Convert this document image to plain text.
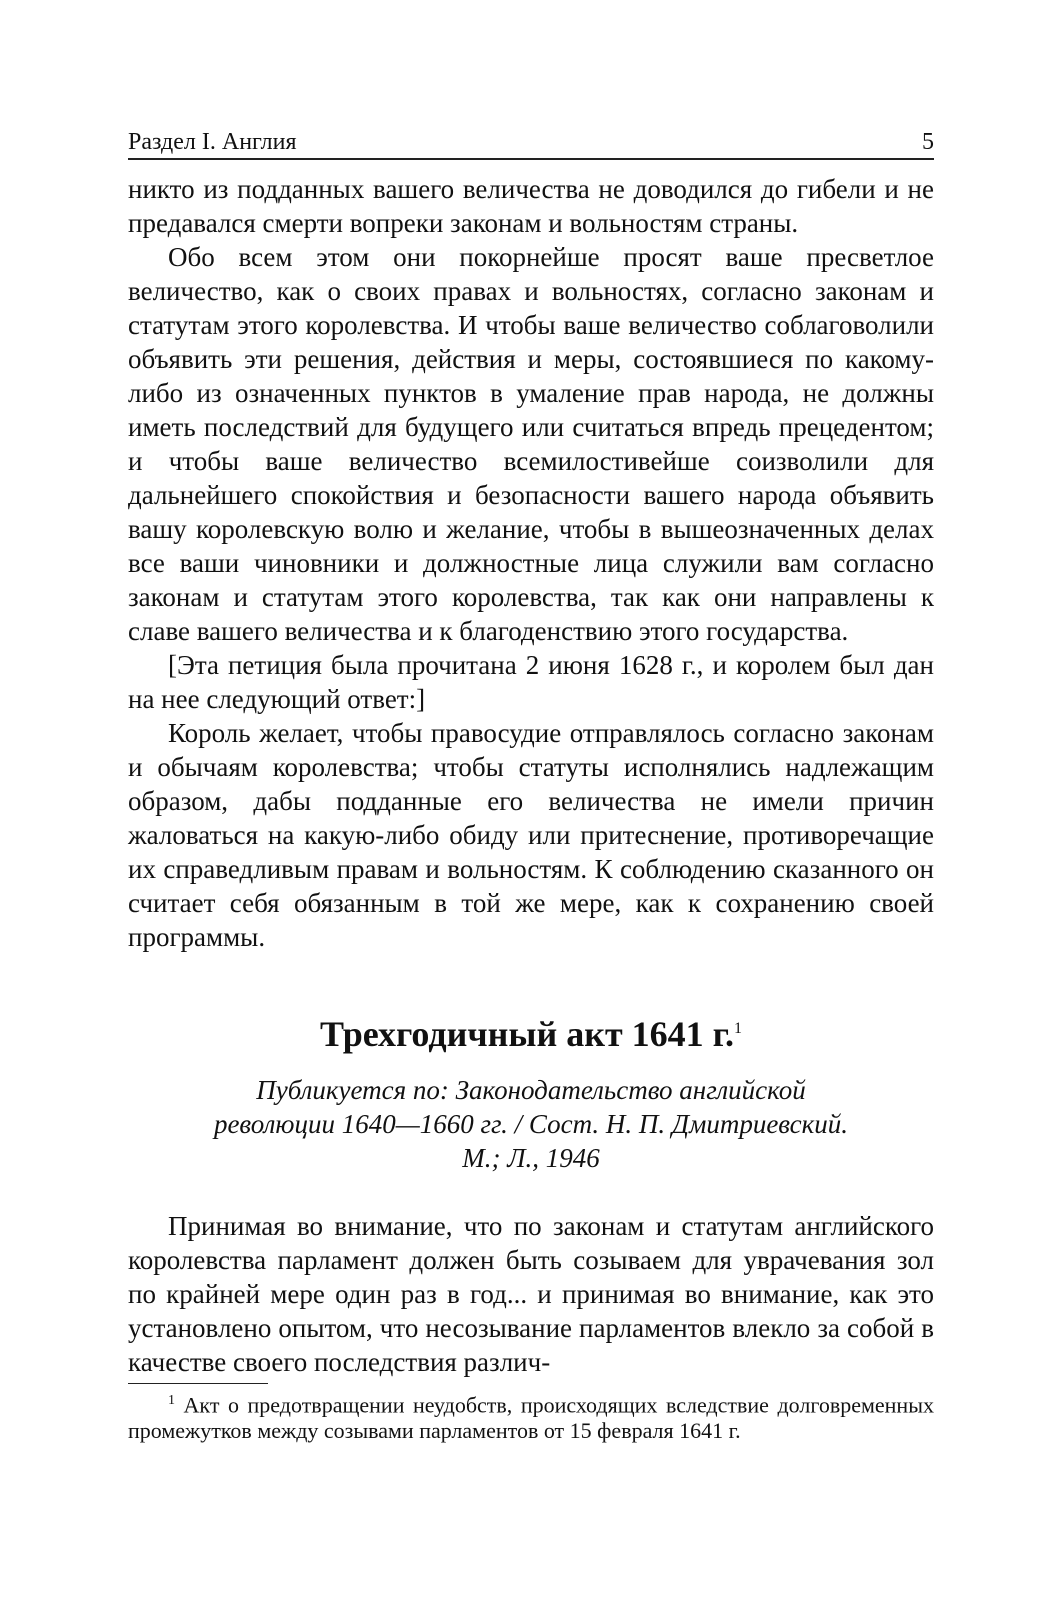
Раздел I. Англия	5

никто из подданных вашего величества не доводился до гибели и не предавался смерти вопреки законам и вольностям страны.

Обо всем этом они покорнейше просят ваше пресветлое величество, как о своих правах и вольностях, согласно законам и статутам этого королевства. И чтобы ваше величество соблаговолили объявить эти решения, действия и меры, состоявшиеся по какому-либо из означенных пунктов в умаление прав народа, не должны иметь последствий для будущего или считаться впредь прецедентом; и чтобы ваше величество всемилостивейше соизволили для дальнейшего спокойствия и безопасности вашего народа объявить вашу королевскую волю и желание, чтобы в вышеозначенных делах все ваши чиновники и должностные лица служили вам согласно законам и статутам этого королевства, так как они направлены к славе вашего величества и к благоденствию этого государства.

[Эта петиция была прочитана 2 июня 1628 г., и королем был дан на нее следующий ответ:]

Король желает, чтобы правосудие отправлялось согласно законам и обычаям королевства; чтобы статуты исполнялись надлежащим образом, дабы подданные его величества не имели причин жаловаться на какую-либо обиду или притеснение, противоречащие их справедливым правам и вольностям. К соблюдению сказанного он считает себя обязанным в той же мере, как к сохранению своей программы.

Трехгодичный акт 1641 г.$^1$
Публикуется по: Законодательство английской революции 1640—1660 гг. / Сост. Н. П. Дмитриевский. М.; Л., 1946

Принимая во внимание, что по законам и статутам английского королевства парламент должен быть созываем для уврачевания зол по крайней мере один раз в год... и принимая во внимание, как это установлено опытом, что несозывание парламентов влекло за собой в качестве своего последствия различ-

$^1$ Акт о предотвращении неудобств, происходящих вследствие долговременных промежутков между созывами парламентов от 15 февраля 1641 г.
